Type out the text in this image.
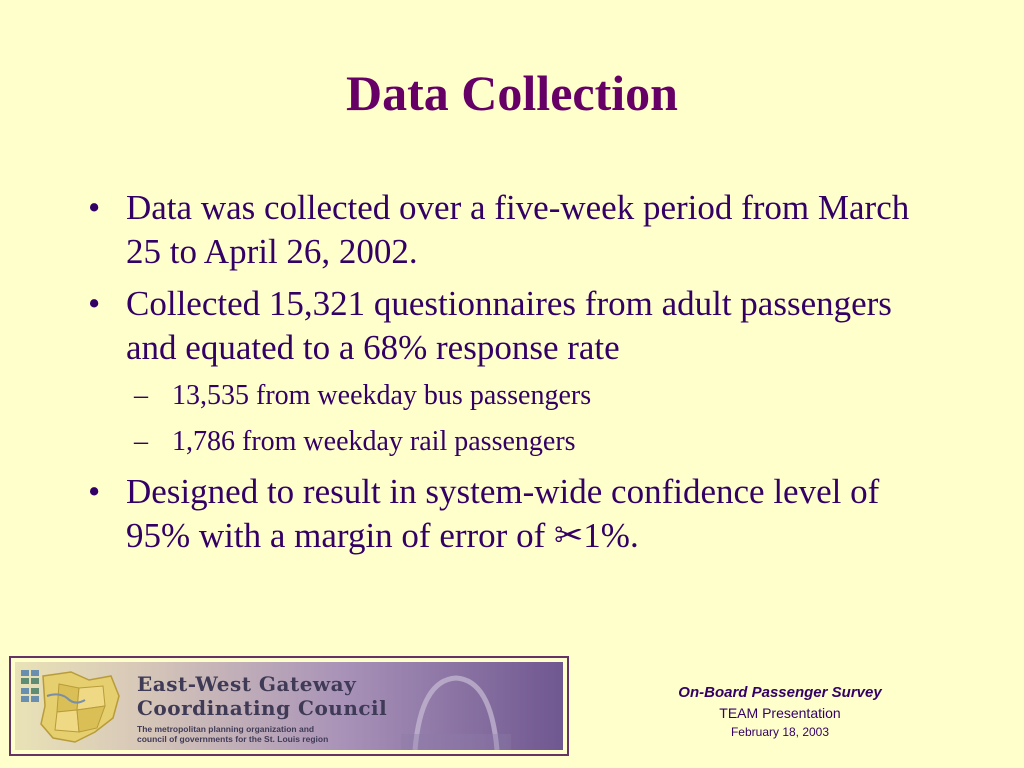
Data Collection
• Data was collected over a five-week period from March 25 to April 26, 2002.
• Collected 15,321 questionnaires from adult passengers and equated to a 68% response rate
– 13,535 from weekday bus passengers
– 1,786 from weekday rail passengers
• Designed to result in system-wide confidence level of 95% with a margin of error of ✂1%.
East-West Gateway
Coordinating Council
The metropolitan planning organization and
council of governments for the St. Louis region
On-Board Passenger Survey
TEAM Presentation
February 18, 2003
